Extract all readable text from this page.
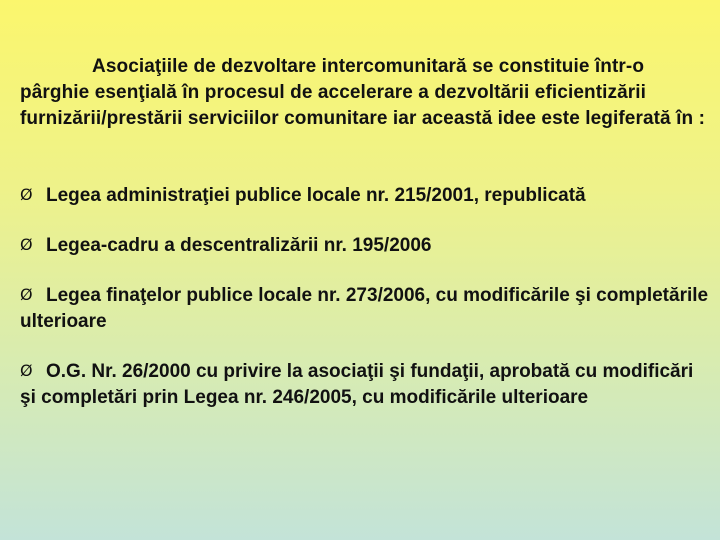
Asociaţiile de dezvoltare intercomunitară se constituie într-o pârghie esenţială în procesul de accelerare a dezvoltării eficientizării furnizării/prestării serviciilor comunitare iar această idee este legiferată în :

Ø Legea administraţiei publice locale nr. 215/2001, republicată
Ø Legea-cadru a descentralizării nr. 195/2006
Ø Legea finaţelor publice locale nr. 273/2006, cu modificările şi completările ulterioare
Ø O.G. Nr. 26/2000 cu privire la asociaţii şi fundaţii, aprobată cu modificări şi completări prin Legea nr. 246/2005, cu modificările ulterioare
